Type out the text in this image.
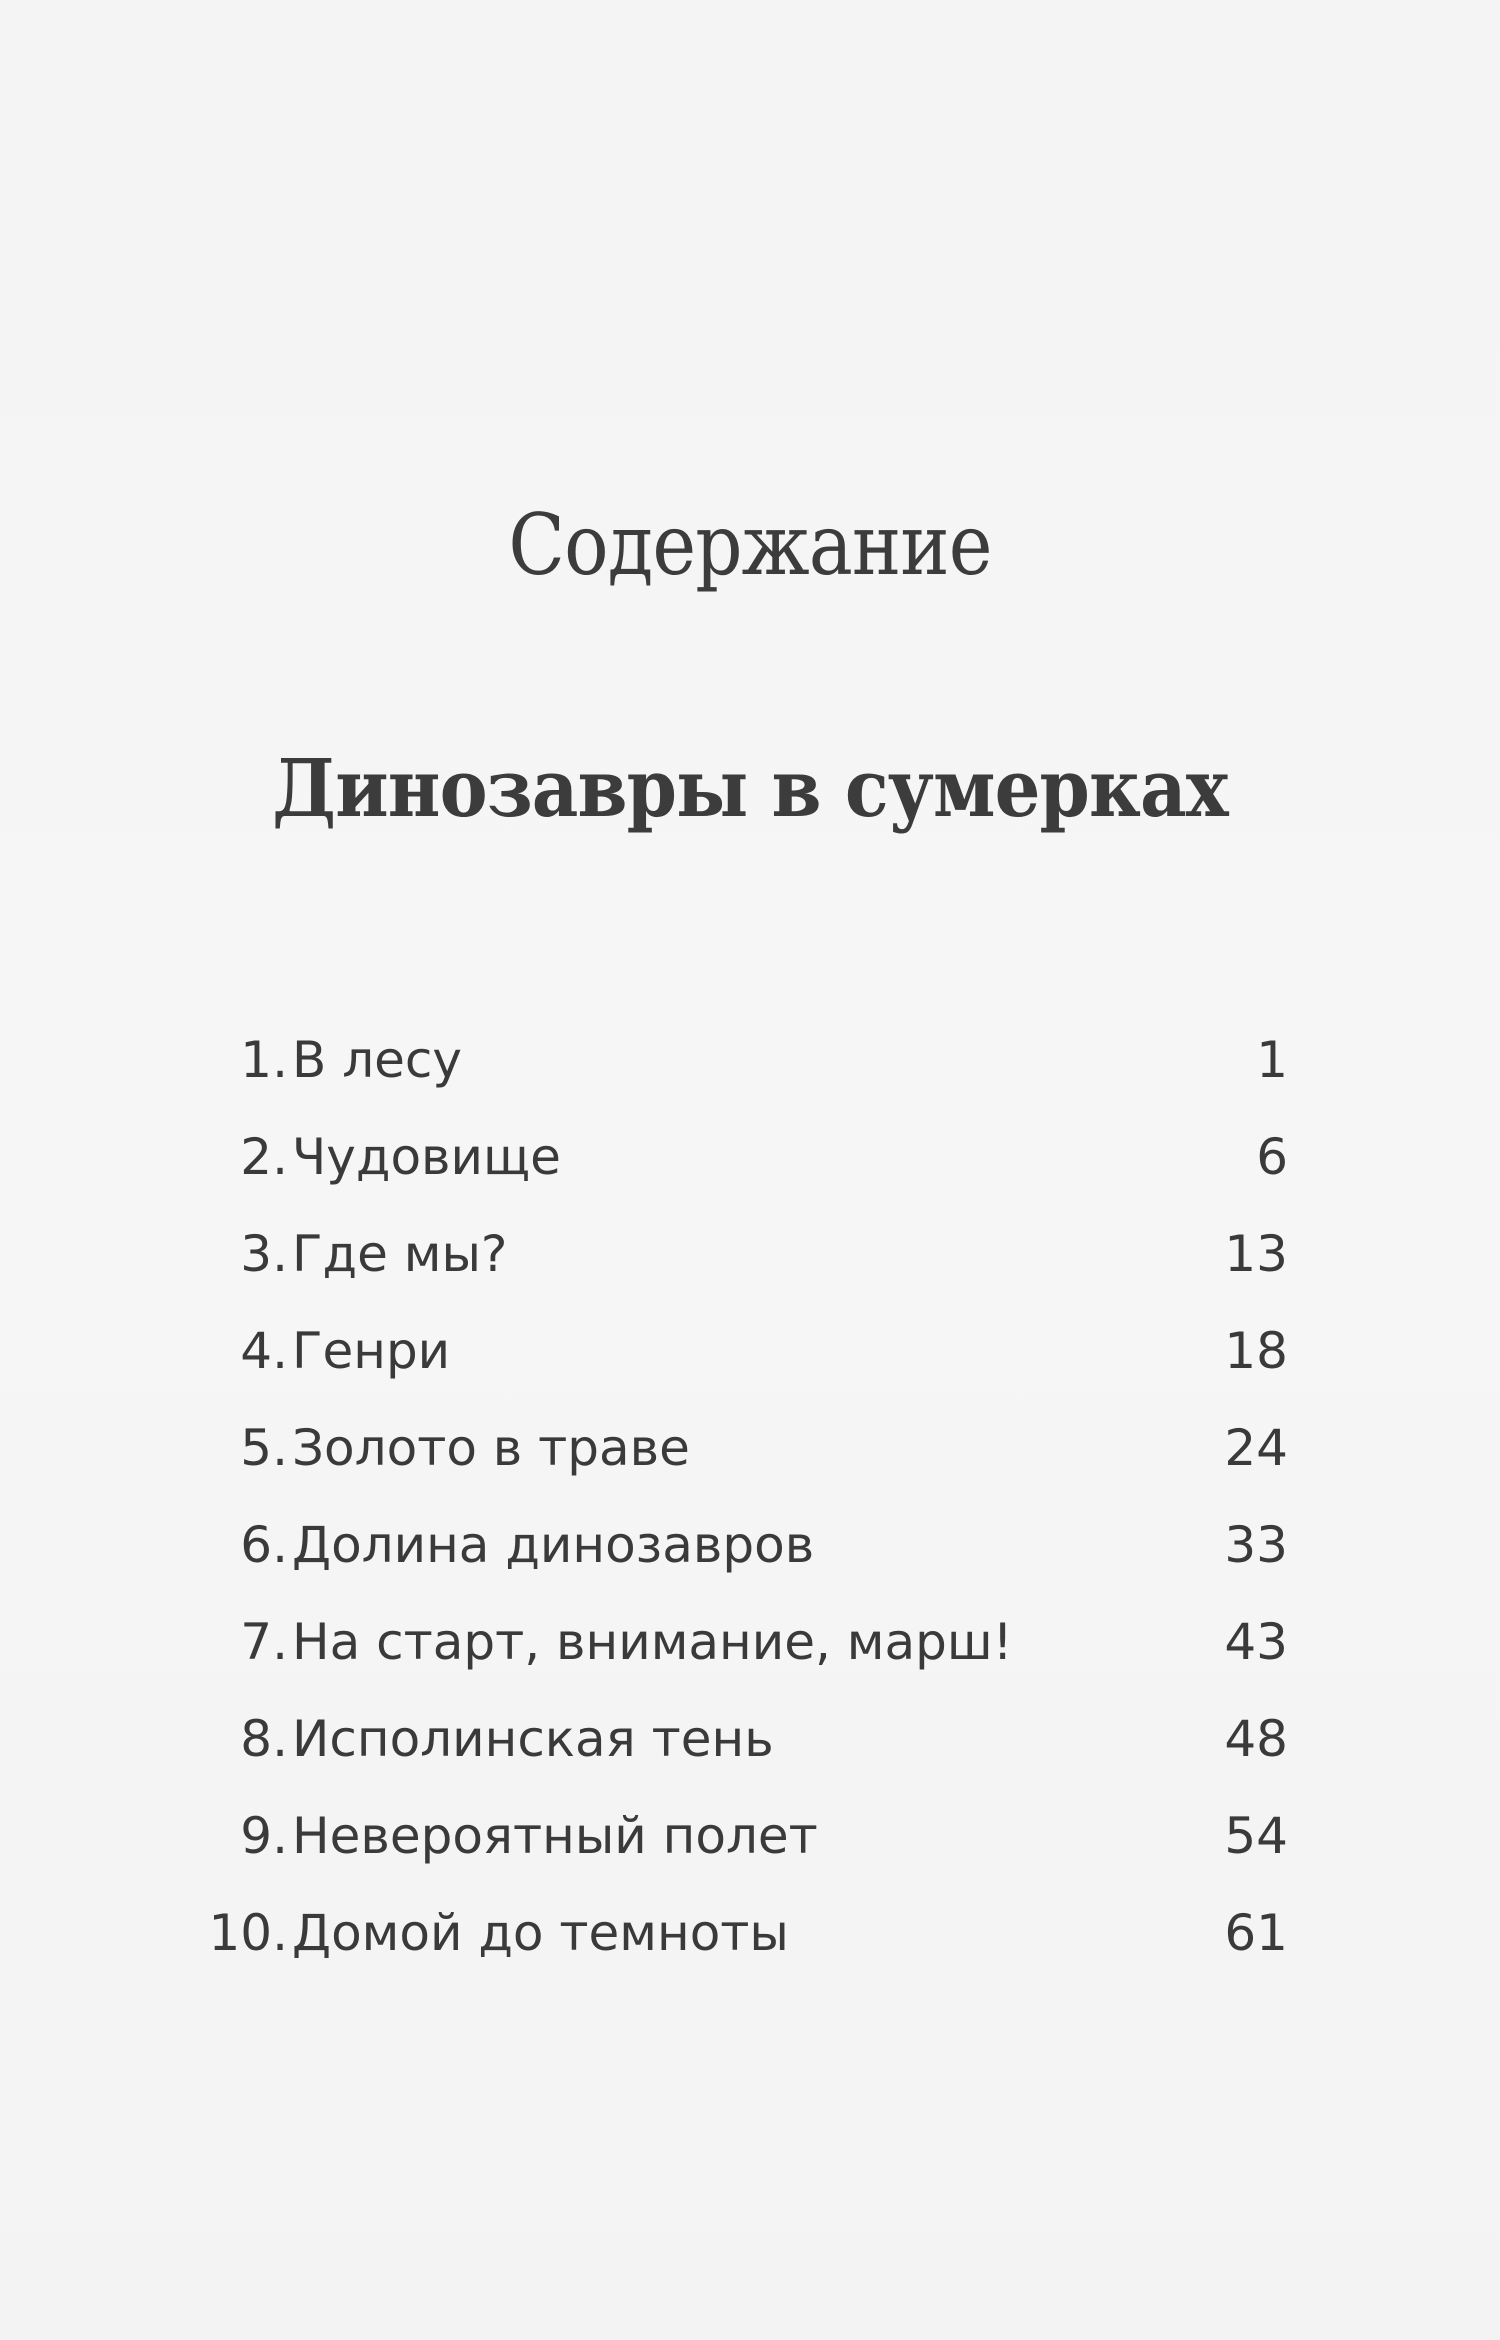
Содержание
Динозавры в сумерках
1. В лесу	1
2. Чудовище	6
3. Где мы?	13
4. Генри	18
5. Золото в траве	24
6. Долина динозавров	33
7. На старт, внимание, марш!	43
8. Исполинская тень	48
9. Невероятный полет	54
10. Домой до темноты	61
